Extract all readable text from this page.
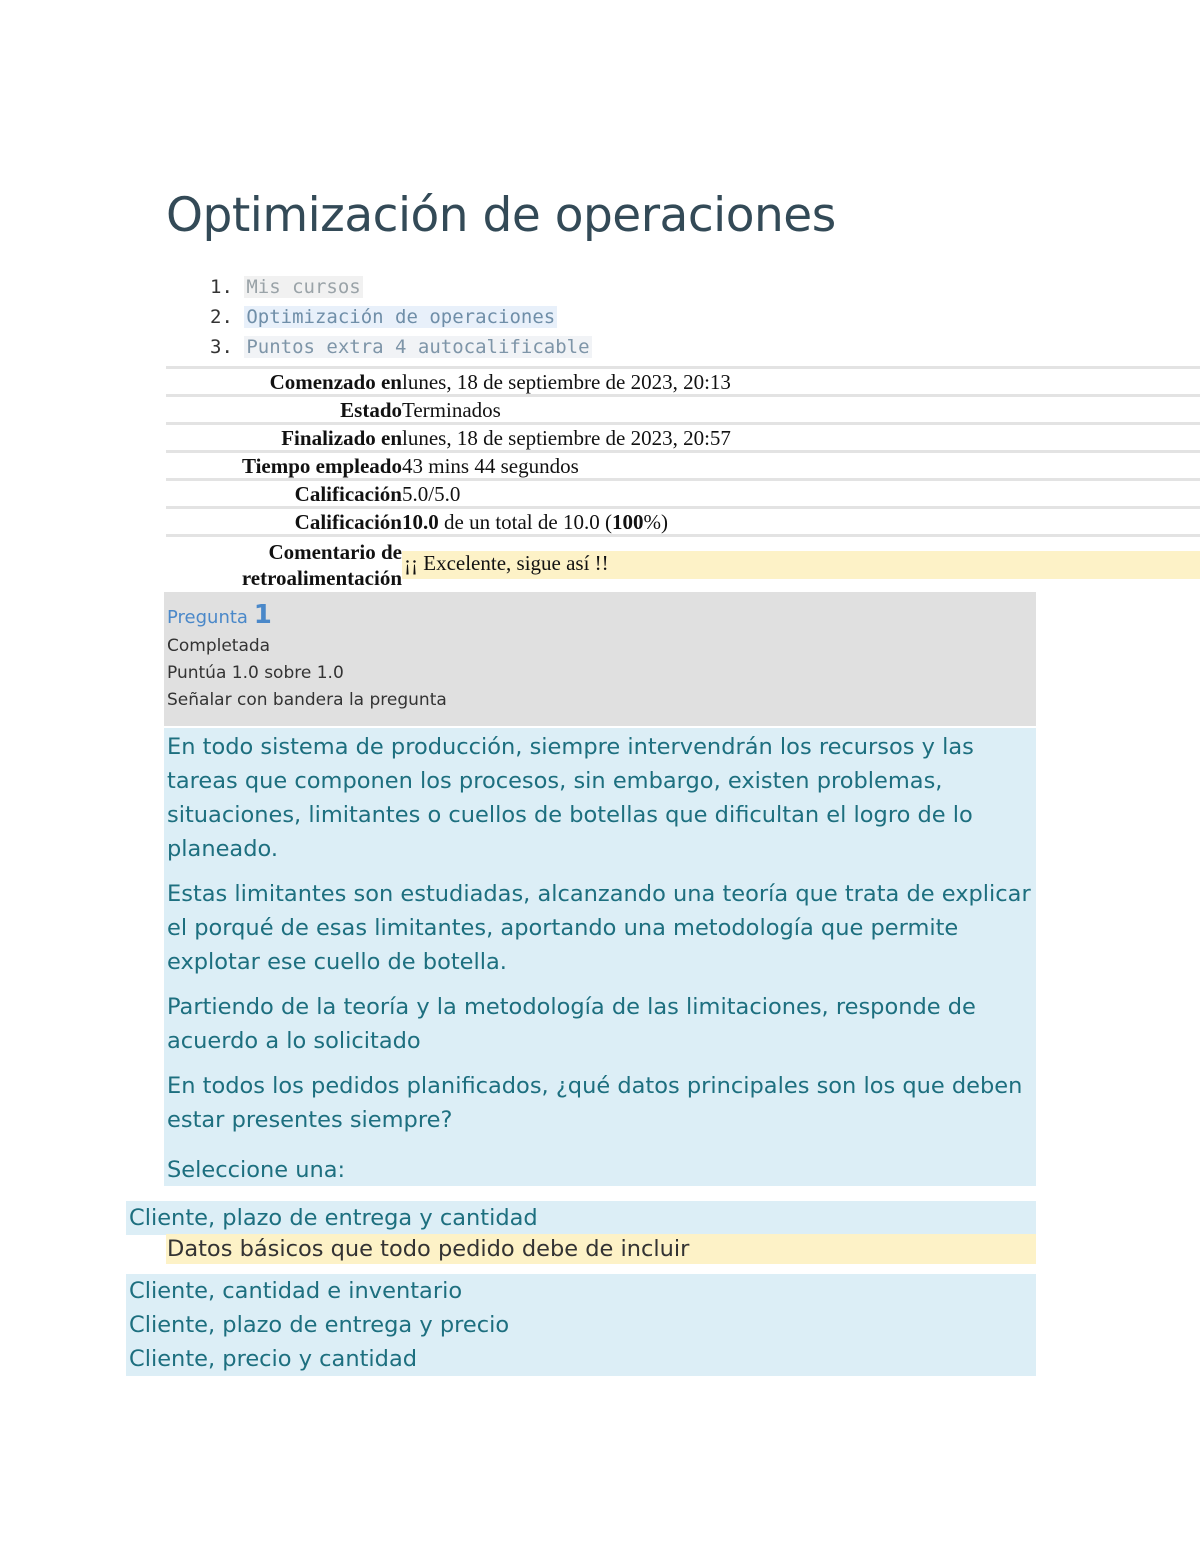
Optimización de operaciones
1. Mis cursos
2. Optimización de operaciones
3. Puntos extra 4 autocalificable
Comenzado en lunes, 18 de septiembre de 2023, 20:13
Estado Terminados
Finalizado en lunes, 18 de septiembre de 2023, 20:57
Tiempo empleado 43 mins 44 segundos
Calificación 5.0/5.0
Calificación 10.0 de un total de 10.0 (100%)
Comentario de
retroalimentación
¡¡ Excelente, sigue así !!
Pregunta 1
Completada
Puntúa 1.0 sobre 1.0
Señalar con bandera la pregunta

En todo sistema de producción, siempre intervendrán los recursos y las tareas que componen los procesos, sin embargo, existen problemas, situaciones, limitantes o cuellos de botellas que dificultan el logro de lo planeado.

Estas limitantes son estudiadas, alcanzando una teoría que trata de explicar el porqué de esas limitantes, aportando una metodología que permite explotar ese cuello de botella.

Partiendo de la teoría y la metodología de las limitaciones, responde de acuerdo a lo solicitado

En todos los pedidos planificados, ¿qué datos principales son los que deben estar presentes siempre?

Seleccione una:

Cliente, plazo de entrega y cantidad
Datos básicos que todo pedido debe de incluir
Cliente, cantidad e inventario
Cliente, plazo de entrega y precio
Cliente, precio y cantidad
